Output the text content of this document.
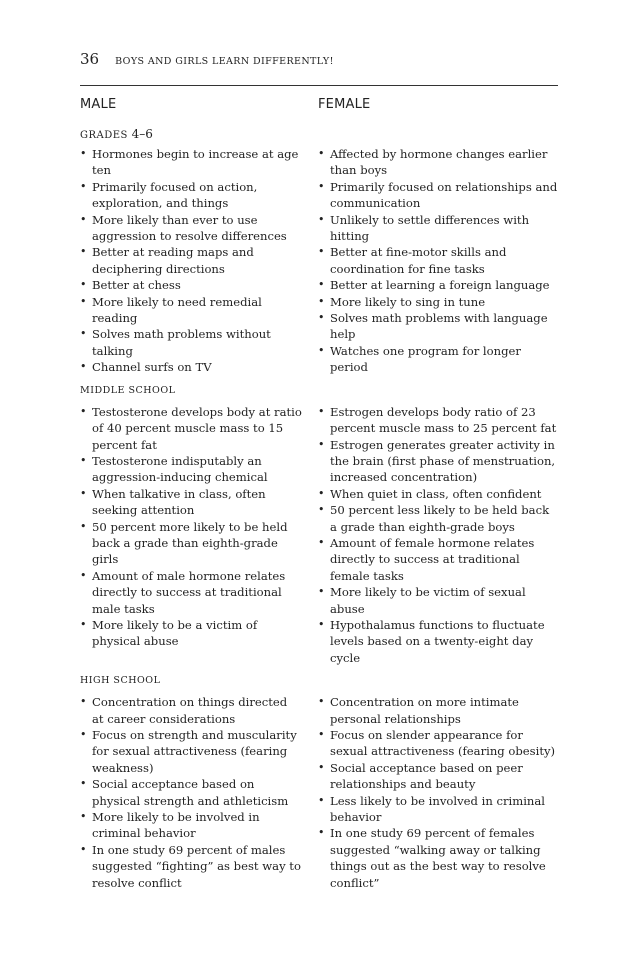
36 BOYS AND GIRLS LEARN DIFFERENTLY!
MALE	FEMALE
GRADES 4–6
• Hormones begin to increase at age ten
• Primarily focused on action, exploration, and things
• More likely than ever to use aggression to resolve differences
• Better at reading maps and deciphering directions
• Better at chess
• More likely to need remedial reading
• Solves math problems without talking
• Channel surfs on TV
• Affected by hormone changes earlier than boys
• Primarily focused on relationships and communication
• Unlikely to settle differences with hitting
• Better at fine-motor skills and coordination for fine tasks
• Better at learning a foreign language
• More likely to sing in tune
• Solves math problems with language help
• Watches one program for longer period
MIDDLE SCHOOL
• Testosterone develops body at ratio of 40 percent muscle mass to 15 percent fat
• Testosterone indisputably an aggression-inducing chemical
• When talkative in class, often seeking attention
• 50 percent more likely to be held back a grade than eighth-grade girls
• Amount of male hormone relates directly to success at traditional male tasks
• More likely to be a victim of physical abuse
• Estrogen develops body ratio of 23 percent muscle mass to 25 percent fat
• Estrogen generates greater activity in the brain (first phase of menstruation, increased concentration)
• When quiet in class, often confident
• 50 percent less likely to be held back a grade than eighth-grade boys
• Amount of female hormone relates directly to success at traditional female tasks
• More likely to be victim of sexual abuse
• Hypothalamus functions to fluctuate levels based on a twenty-eight day cycle
HIGH SCHOOL
• Concentration on things directed at career considerations
• Focus on strength and muscularity for sexual attractiveness (fearing weakness)
• Social acceptance based on physical strength and athleticism
• More likely to be involved in criminal behavior
• In one study 69 percent of males suggested “fighting” as best way to resolve conflict
• Concentration on more intimate personal relationships
• Focus on slender appearance for sexual attractiveness (fearing obesity)
• Social acceptance based on peer relationships and beauty
• Less likely to be involved in criminal behavior
• In one study 69 percent of females suggested “walking away or talking things out as the best way to resolve conflict”
